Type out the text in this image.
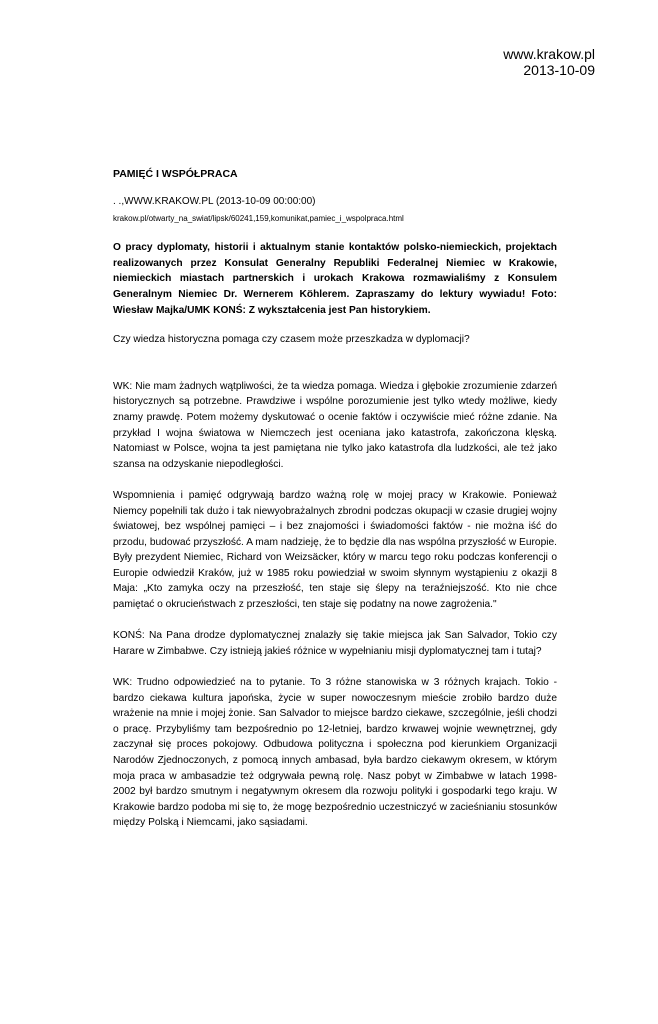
www.krakow.pl
2013-10-09
PAMIĘĆ I WSPÓŁPRACA
. .,WWW.KRAKOW.PL (2013-10-09 00:00:00)
krakow.pl/otwarty_na_swiat/lipsk/60241,159,komunikat,pamiec_i_wspolpraca.html
O pracy dyplomaty, historii i aktualnym stanie kontaktów polsko-niemieckich, projektach realizowanych przez Konsulat Generalny Republiki Federalnej Niemiec w Krakowie, niemieckich miastach partnerskich i urokach Krakowa rozmawialiśmy z Konsulem Generalnym Niemiec Dr. Wernerem Köhlerem. Zapraszamy do lektury wywiadu! Foto: Wiesław Majka/UMK KONŚ: Z wykształcenia jest Pan historykiem.
Czy wiedza historyczna pomaga czy czasem może przeszkadza w dyplomacji?
WK: Nie mam żadnych wątpliwości, że ta wiedza pomaga. Wiedza i głębokie zrozumienie zdarzeń historycznych są potrzebne. Prawdziwe i wspólne porozumienie jest tylko wtedy możliwe, kiedy znamy prawdę. Potem możemy dyskutować o ocenie faktów i oczywiście mieć różne zdanie. Na przykład I wojna światowa w Niemczech jest oceniana jako katastrofa, zakończona klęską. Natomiast w Polsce, wojna ta jest pamiętana nie tylko jako katastrofa dla ludzkości, ale też jako szansa na odzyskanie niepodległości.
Wspomnienia i pamięć odgrywają bardzo ważną rolę w mojej pracy w Krakowie. Ponieważ Niemcy popełnili tak dużo i tak niewyobrażalnych zbrodni podczas okupacji w czasie drugiej wojny światowej, bez wspólnej pamięci – i bez znajomości i świadomości faktów - nie można iść do przodu, budować przyszłość. A mam nadzieję, że to będzie dla nas wspólna przyszłość w Europie. Były prezydent Niemiec, Richard von Weizsäcker, który w marcu tego roku podczas konferencji o Europie odwiedził Kraków, już w 1985 roku powiedział w swoim słynnym wystąpieniu z okazji 8 Maja: „Kto zamyka oczy na przeszłość, ten staje się ślepy na teraźniejszość. Kto nie chce pamiętać o okrucieństwach z przeszłości, ten staje się podatny na nowe zagrożenia."
KONŚ: Na Pana drodze dyplomatycznej znalazły się takie miejsca jak San Salvador, Tokio czy Harare w Zimbabwe. Czy istnieją jakieś różnice w wypełnianiu misji dyplomatycznej tam i tutaj?
WK: Trudno odpowiedzieć na to pytanie. To 3 różne stanowiska w 3 różnych krajach. Tokio - bardzo ciekawa kultura japońska, życie w super nowoczesnym mieście zrobiło bardzo duże wrażenie na mnie i mojej żonie. San Salvador to miejsce bardzo ciekawe, szczególnie, jeśli chodzi o pracę. Przybyliśmy tam bezpośrednio po 12-letniej, bardzo krwawej wojnie wewnętrznej, gdy zaczynał się proces pokojowy. Odbudowa polityczna i społeczna pod kierunkiem Organizacji Narodów Zjednoczonych, z pomocą innych ambasad, była bardzo ciekawym okresem, w którym moja praca w ambasadzie też odgrywała pewną rolę. Nasz pobyt w Zimbabwe w latach 1998-2002 był bardzo smutnym i negatywnym okresem dla rozwoju polityki i gospodarki tego kraju. W Krakowie bardzo podoba mi się to, że mogę bezpośrednio uczestniczyć w zacieśnianiu stosunków między Polską i Niemcami, jako sąsiadami.
